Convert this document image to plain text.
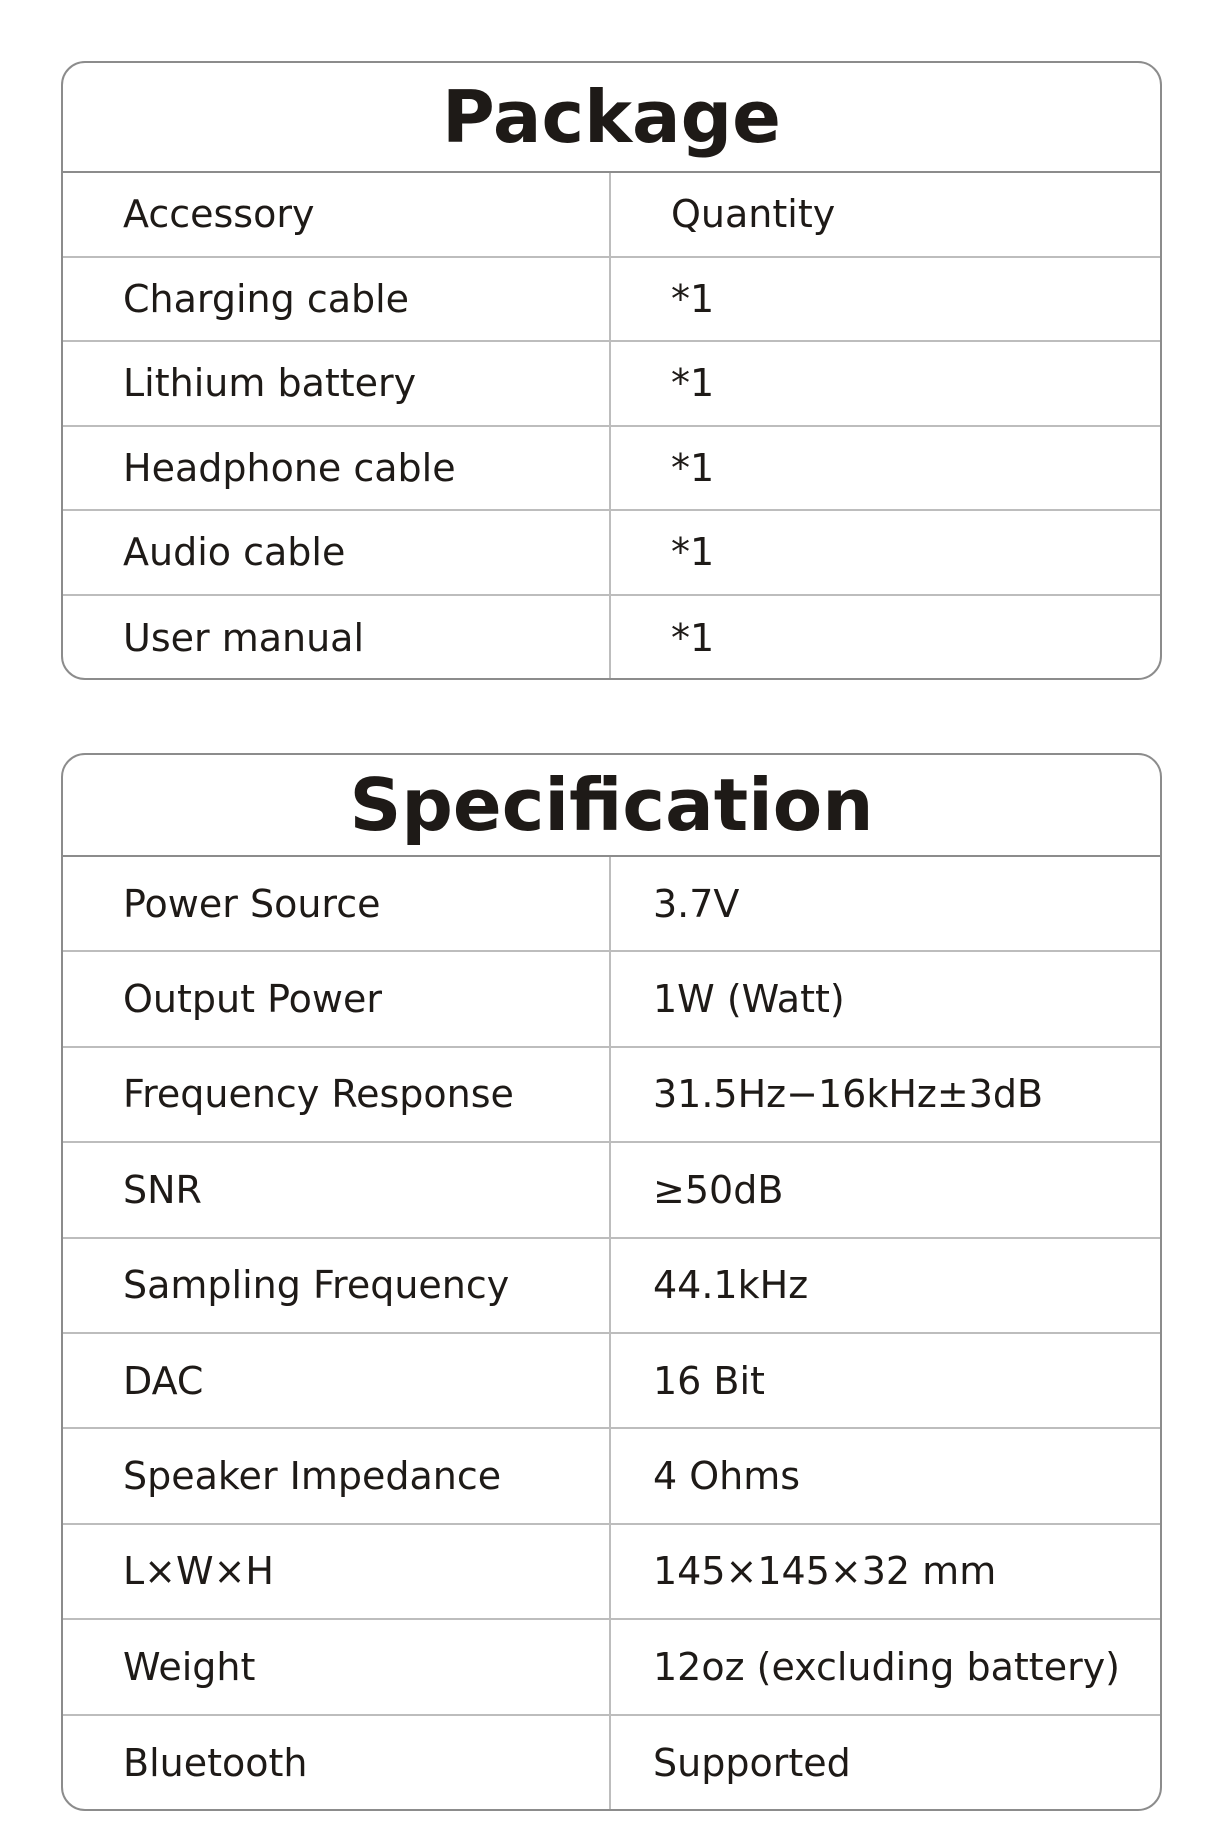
Package
Accessory	Quantity
Charging cable	*1
Lithium battery	*1
Headphone cable	*1
Audio cable	*1
User manual	*1
Specification
Power Source	3.7V
Output Power	1W (Watt)
Frequency Response	31.5Hz−16kHz±3dB
SNR	≥50dB
Sampling Frequency	44.1kHz
DAC	16 Bit
Speaker Impedance	4 Ohms
L×W×H	145×145×32 mm
Weight	12oz (excluding battery)
Bluetooth	Supported
